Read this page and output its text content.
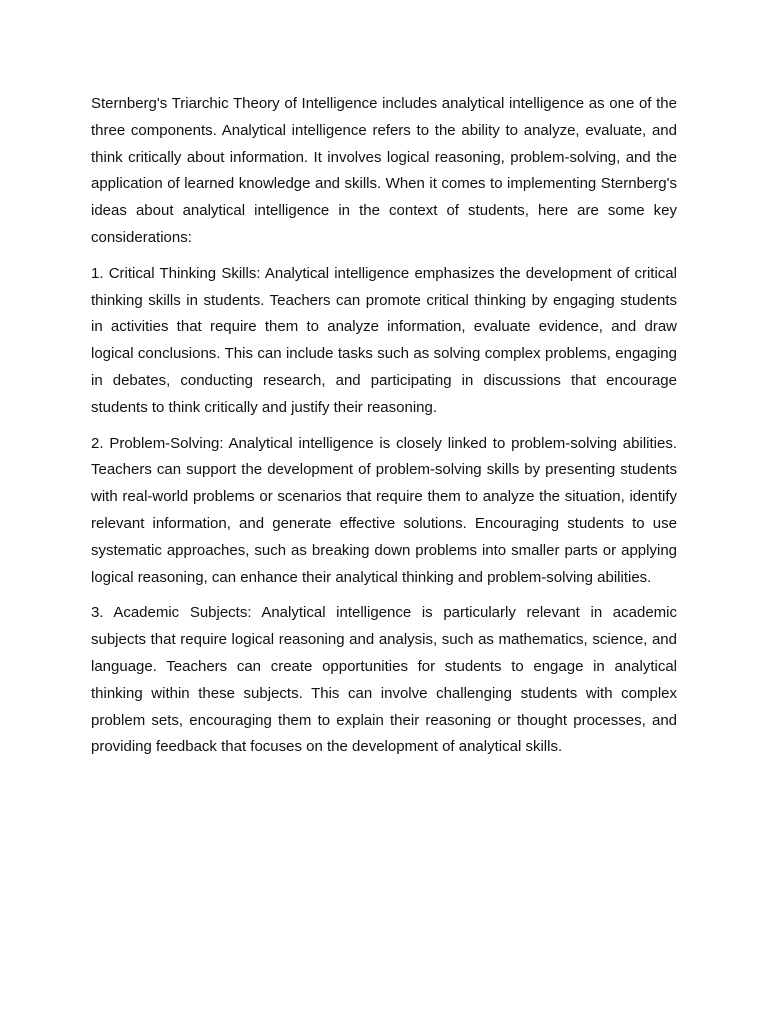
Sternberg's Triarchic Theory of Intelligence includes analytical intelligence as one of the three components. Analytical intelligence refers to the ability to analyze, evaluate, and think critically about information. It involves logical reasoning, problem-solving, and the application of learned knowledge and skills. When it comes to implementing Sternberg's ideas about analytical intelligence in the context of students, here are some key considerations:

1. Critical Thinking Skills: Analytical intelligence emphasizes the development of critical thinking skills in students. Teachers can promote critical thinking by engaging students in activities that require them to analyze information, evaluate evidence, and draw logical conclusions. This can include tasks such as solving complex problems, engaging in debates, conducting research, and participating in discussions that encourage students to think critically and justify their reasoning.

2. Problem-Solving: Analytical intelligence is closely linked to problem-solving abilities. Teachers can support the development of problem-solving skills by presenting students with real-world problems or scenarios that require them to analyze the situation, identify relevant information, and generate effective solutions. Encouraging students to use systematic approaches, such as breaking down problems into smaller parts or applying logical reasoning, can enhance their analytical thinking and problem-solving abilities.

3. Academic Subjects: Analytical intelligence is particularly relevant in academic subjects that require logical reasoning and analysis, such as mathematics, science, and language. Teachers can create opportunities for students to engage in analytical thinking within these subjects. This can involve challenging students with complex problem sets, encouraging them to explain their reasoning or thought processes, and providing feedback that focuses on the development of analytical skills.
